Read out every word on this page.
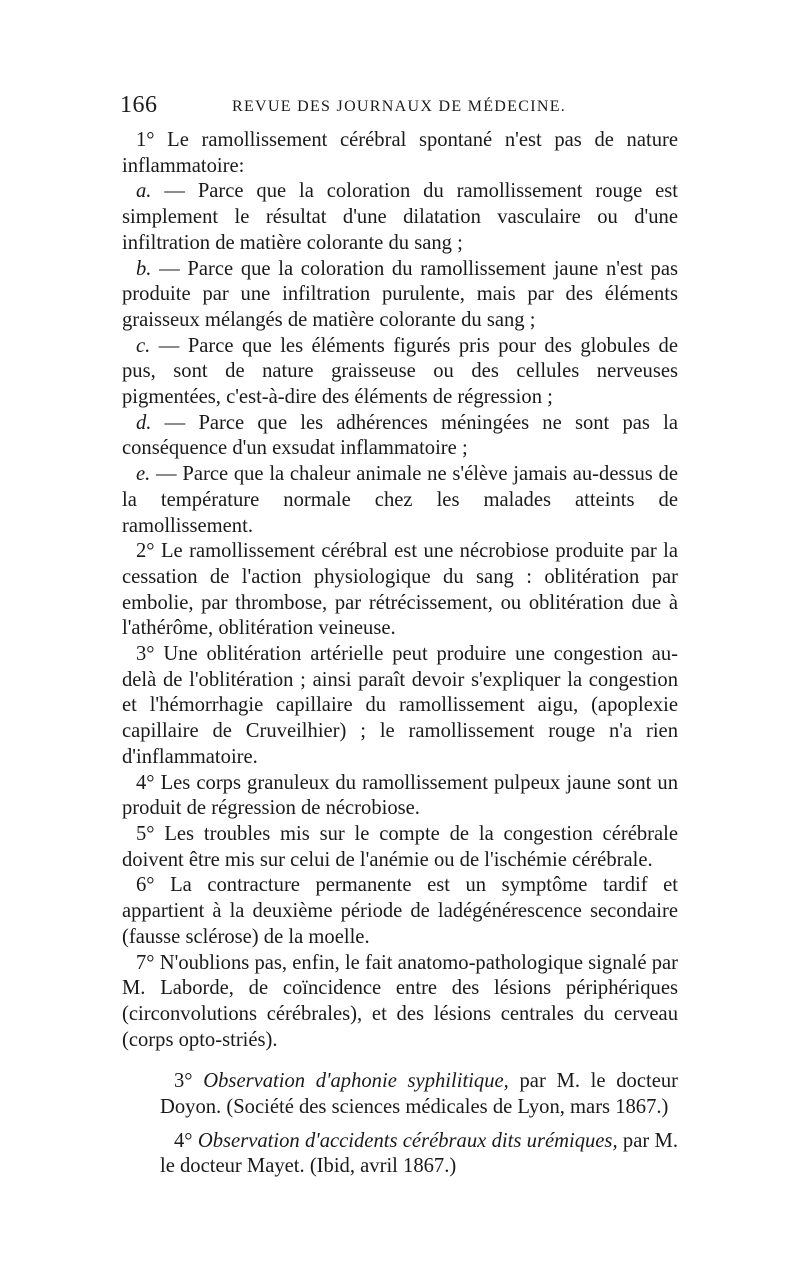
166	REVUE DES JOURNAUX DE MÉDECINE.

1° Le ramollissement cérébral spontané n'est pas de nature inflammatoire:

a. — Parce que la coloration du ramollissement rouge est simplement le résultat d'une dilatation vasculaire ou d'une infiltration de matière colorante du sang ;

b. — Parce que la coloration du ramollissement jaune n'est pas produite par une infiltration purulente, mais par des éléments graisseux mélangés de matière colorante du sang ;

c. — Parce que les éléments figurés pris pour des globules de pus, sont de nature graisseuse ou des cellules nerveuses pigmentées, c'est-à-dire des éléments de régression ;

d. — Parce que les adhérences méningées ne sont pas la conséquence d'un exsudat inflammatoire ;

e. — Parce que la chaleur animale ne s'élève jamais au-dessus de la température normale chez les malades atteints de ramollissement.

2° Le ramollissement cérébral est une nécrobiose produite par la cessation de l'action physiologique du sang : oblitération par embolie, par thrombose, par rétrécissement, ou oblitération due à l'athérôme, oblitération veineuse.

3° Une oblitération artérielle peut produire une congestion au-delà de l'oblitération ; ainsi paraît devoir s'expliquer la congestion et l'hémorrhagie capillaire du ramollissement aigu, (apoplexie capillaire de Cruveilhier) ; le ramollissement rouge n'a rien d'inflammatoire.

4° Les corps granuleux du ramollissement pulpeux jaune sont un produit de régression de nécrobiose.

5° Les troubles mis sur le compte de la congestion cérébrale doivent être mis sur celui de l'anémie ou de l'ischémie cérébrale.

6° La contracture permanente est un symptôme tardif et appartient à la deuxième période de ladégénérescence secondaire (fausse sclérose) de la moelle.

7° N'oublions pas, enfin, le fait anatomo-pathologique signalé par M. Laborde, de coïncidence entre des lésions périphériques (circonvolutions cérébrales), et des lésions centrales du cerveau (corps opto-striés).

3° Observation d'aphonie syphilitique, par M. le docteur Doyon. (Société des sciences médicales de Lyon, mars 1867.)

4° Observation d'accidents cérébraux dits urémiques, par M. le docteur Mayet. (Ibid, avril 1867.)
